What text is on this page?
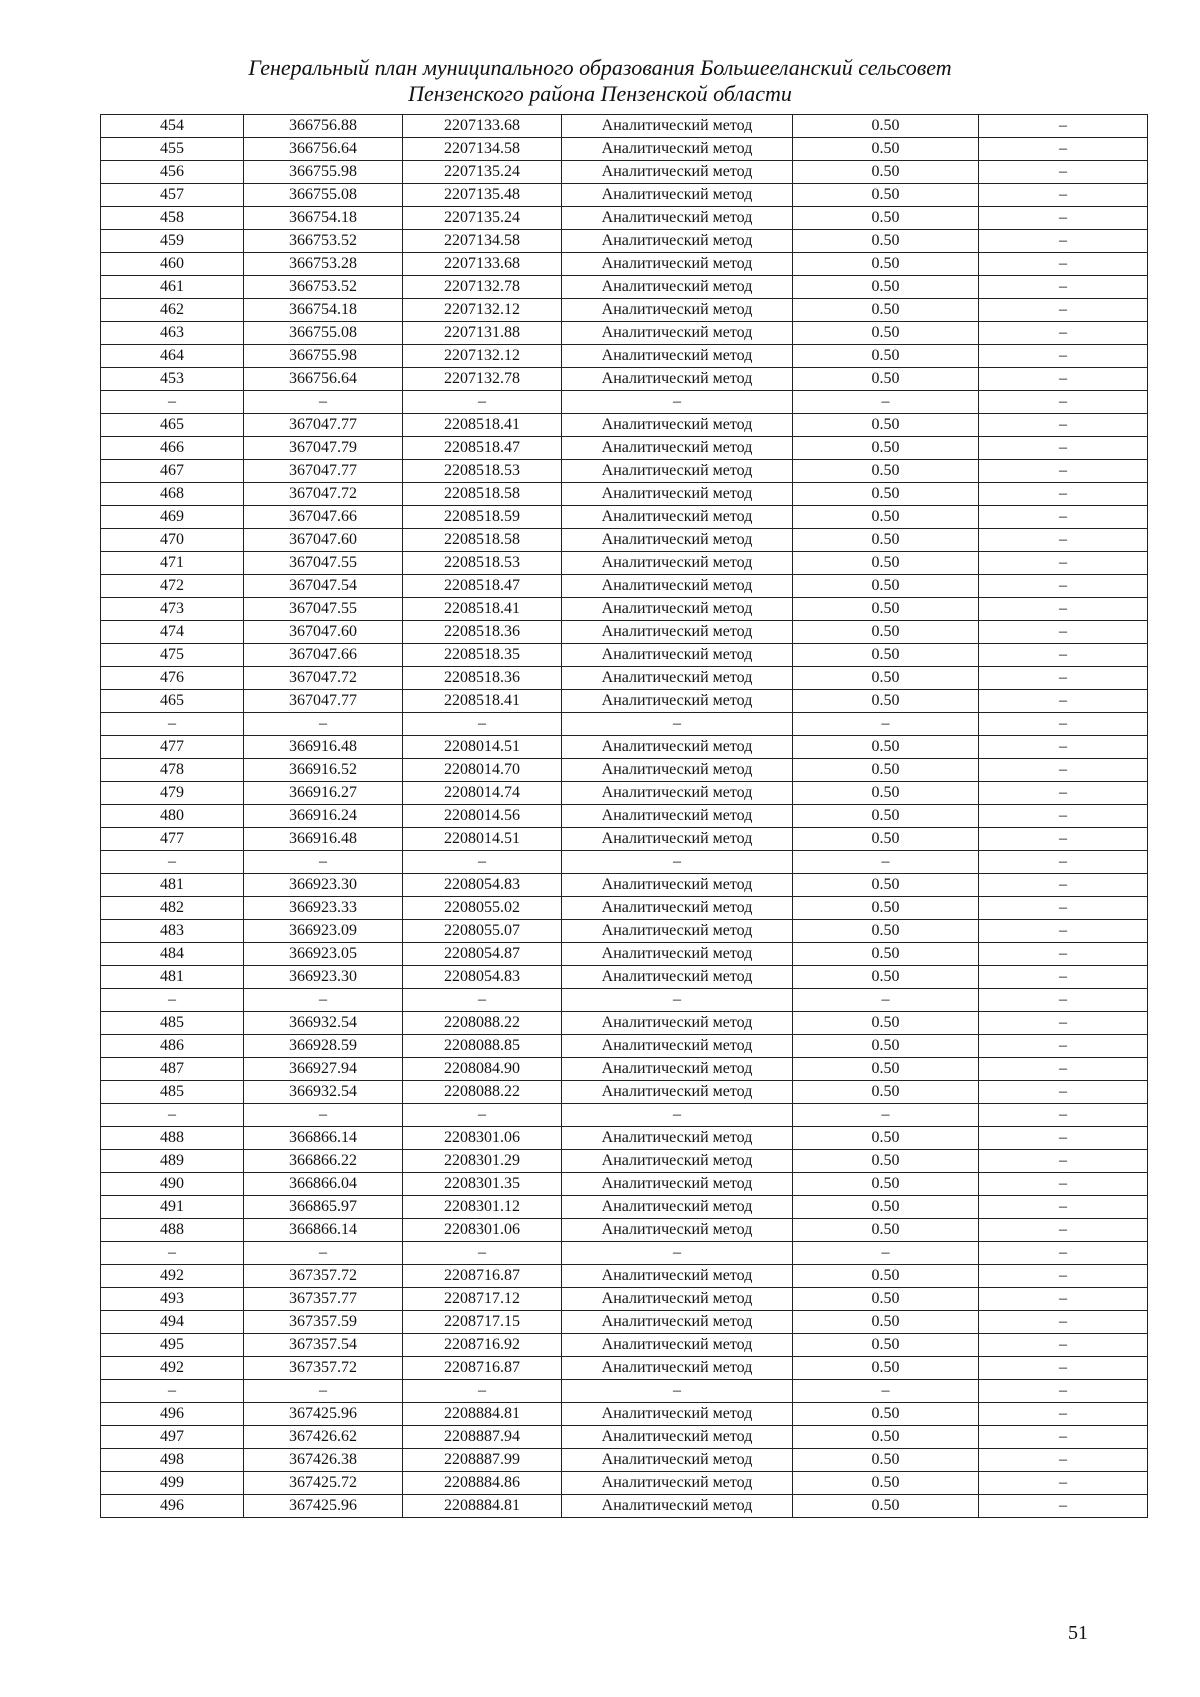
Генеральный план муниципального образования Большееланский сельсовет
Пензенского района Пензенской области
454	366756.88	2207133.68	Аналитический метод	0.50	–
455	366756.64	2207134.58	Аналитический метод	0.50	–
456	366755.98	2207135.24	Аналитический метод	0.50	–
457	366755.08	2207135.48	Аналитический метод	0.50	–
458	366754.18	2207135.24	Аналитический метод	0.50	–
459	366753.52	2207134.58	Аналитический метод	0.50	–
460	366753.28	2207133.68	Аналитический метод	0.50	–
461	366753.52	2207132.78	Аналитический метод	0.50	–
462	366754.18	2207132.12	Аналитический метод	0.50	–
463	366755.08	2207131.88	Аналитический метод	0.50	–
464	366755.98	2207132.12	Аналитический метод	0.50	–
453	366756.64	2207132.78	Аналитический метод	0.50	–
–	–	–	–	–	–
465	367047.77	2208518.41	Аналитический метод	0.50	–
466	367047.79	2208518.47	Аналитический метод	0.50	–
467	367047.77	2208518.53	Аналитический метод	0.50	–
468	367047.72	2208518.58	Аналитический метод	0.50	–
469	367047.66	2208518.59	Аналитический метод	0.50	–
470	367047.60	2208518.58	Аналитический метод	0.50	–
471	367047.55	2208518.53	Аналитический метод	0.50	–
472	367047.54	2208518.47	Аналитический метод	0.50	–
473	367047.55	2208518.41	Аналитический метод	0.50	–
474	367047.60	2208518.36	Аналитический метод	0.50	–
475	367047.66	2208518.35	Аналитический метод	0.50	–
476	367047.72	2208518.36	Аналитический метод	0.50	–
465	367047.77	2208518.41	Аналитический метод	0.50	–
–	–	–	–	–	–
477	366916.48	2208014.51	Аналитический метод	0.50	–
478	366916.52	2208014.70	Аналитический метод	0.50	–
479	366916.27	2208014.74	Аналитический метод	0.50	–
480	366916.24	2208014.56	Аналитический метод	0.50	–
477	366916.48	2208014.51	Аналитический метод	0.50	–
–	–	–	–	–	–
481	366923.30	2208054.83	Аналитический метод	0.50	–
482	366923.33	2208055.02	Аналитический метод	0.50	–
483	366923.09	2208055.07	Аналитический метод	0.50	–
484	366923.05	2208054.87	Аналитический метод	0.50	–
481	366923.30	2208054.83	Аналитический метод	0.50	–
–	–	–	–	–	–
485	366932.54	2208088.22	Аналитический метод	0.50	–
486	366928.59	2208088.85	Аналитический метод	0.50	–
487	366927.94	2208084.90	Аналитический метод	0.50	–
485	366932.54	2208088.22	Аналитический метод	0.50	–
–	–	–	–	–	–
488	366866.14	2208301.06	Аналитический метод	0.50	–
489	366866.22	2208301.29	Аналитический метод	0.50	–
490	366866.04	2208301.35	Аналитический метод	0.50	–
491	366865.97	2208301.12	Аналитический метод	0.50	–
488	366866.14	2208301.06	Аналитический метод	0.50	–
–	–	–	–	–	–
492	367357.72	2208716.87	Аналитический метод	0.50	–
493	367357.77	2208717.12	Аналитический метод	0.50	–
494	367357.59	2208717.15	Аналитический метод	0.50	–
495	367357.54	2208716.92	Аналитический метод	0.50	–
492	367357.72	2208716.87	Аналитический метод	0.50	–
–	–	–	–	–	–
496	367425.96	2208884.81	Аналитический метод	0.50	–
497	367426.62	2208887.94	Аналитический метод	0.50	–
498	367426.38	2208887.99	Аналитический метод	0.50	–
499	367425.72	2208884.86	Аналитический метод	0.50	–
496	367425.96	2208884.81	Аналитический метод	0.50	–
51
